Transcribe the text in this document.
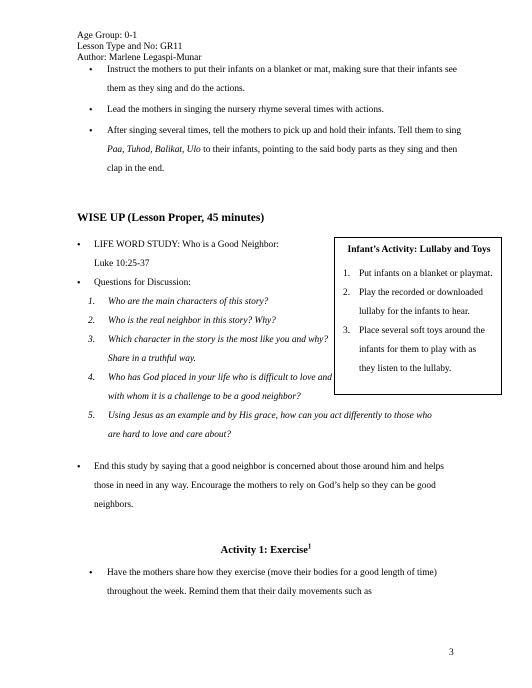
Age Group: 0-1
Lesson Type and No: GR11
Author: Marlene Legaspi-Munar
• Instruct the mothers to put their infants on a blanket or mat, making sure that their infants see them as they sing and do the actions.
• Lead the mothers in singing the nursery rhyme several times with actions.
• After singing several times, tell the mothers to pick up and hold their infants. Tell them to sing Paa, Tuhod, Balikat, Ulo to their infants, pointing to the said body parts as they sing and then clap in the end.
WISE UP (Lesson Proper, 45 minutes)
• LIFE WORD STUDY: Who is a Good Neighbor:
Luke 10:25-37
• Questions for Discussion:
1. Who are the main characters of this story?
2. Who is the real neighbor in this story? Why?
3. Which character in the story is the most like you and why? Share in a truthful way.
4. Who has God placed in your life who is difficult to love and with whom it is a challenge to be a good neighbor?
5. Using Jesus as an example and by His grace, how can you act differently to those who are hard to love and care about?
Infant’s Activity: Lullaby and Toys
1. Put infants on a blanket or playmat.
2. Play the recorded or downloaded lullaby for the infants to hear.
3. Place several soft toys around the infants for them to play with as they listen to the lullaby.
• End this study by saying that a good neighbor is concerned about those around him and helps those in need in any way. Encourage the mothers to rely on God’s help so they can be good neighbors.
Activity 1: Exercise$^1$
• Have the mothers share how they exercise (move their bodies for a good length of time) throughout the week. Remind them that their daily movements such as
3
